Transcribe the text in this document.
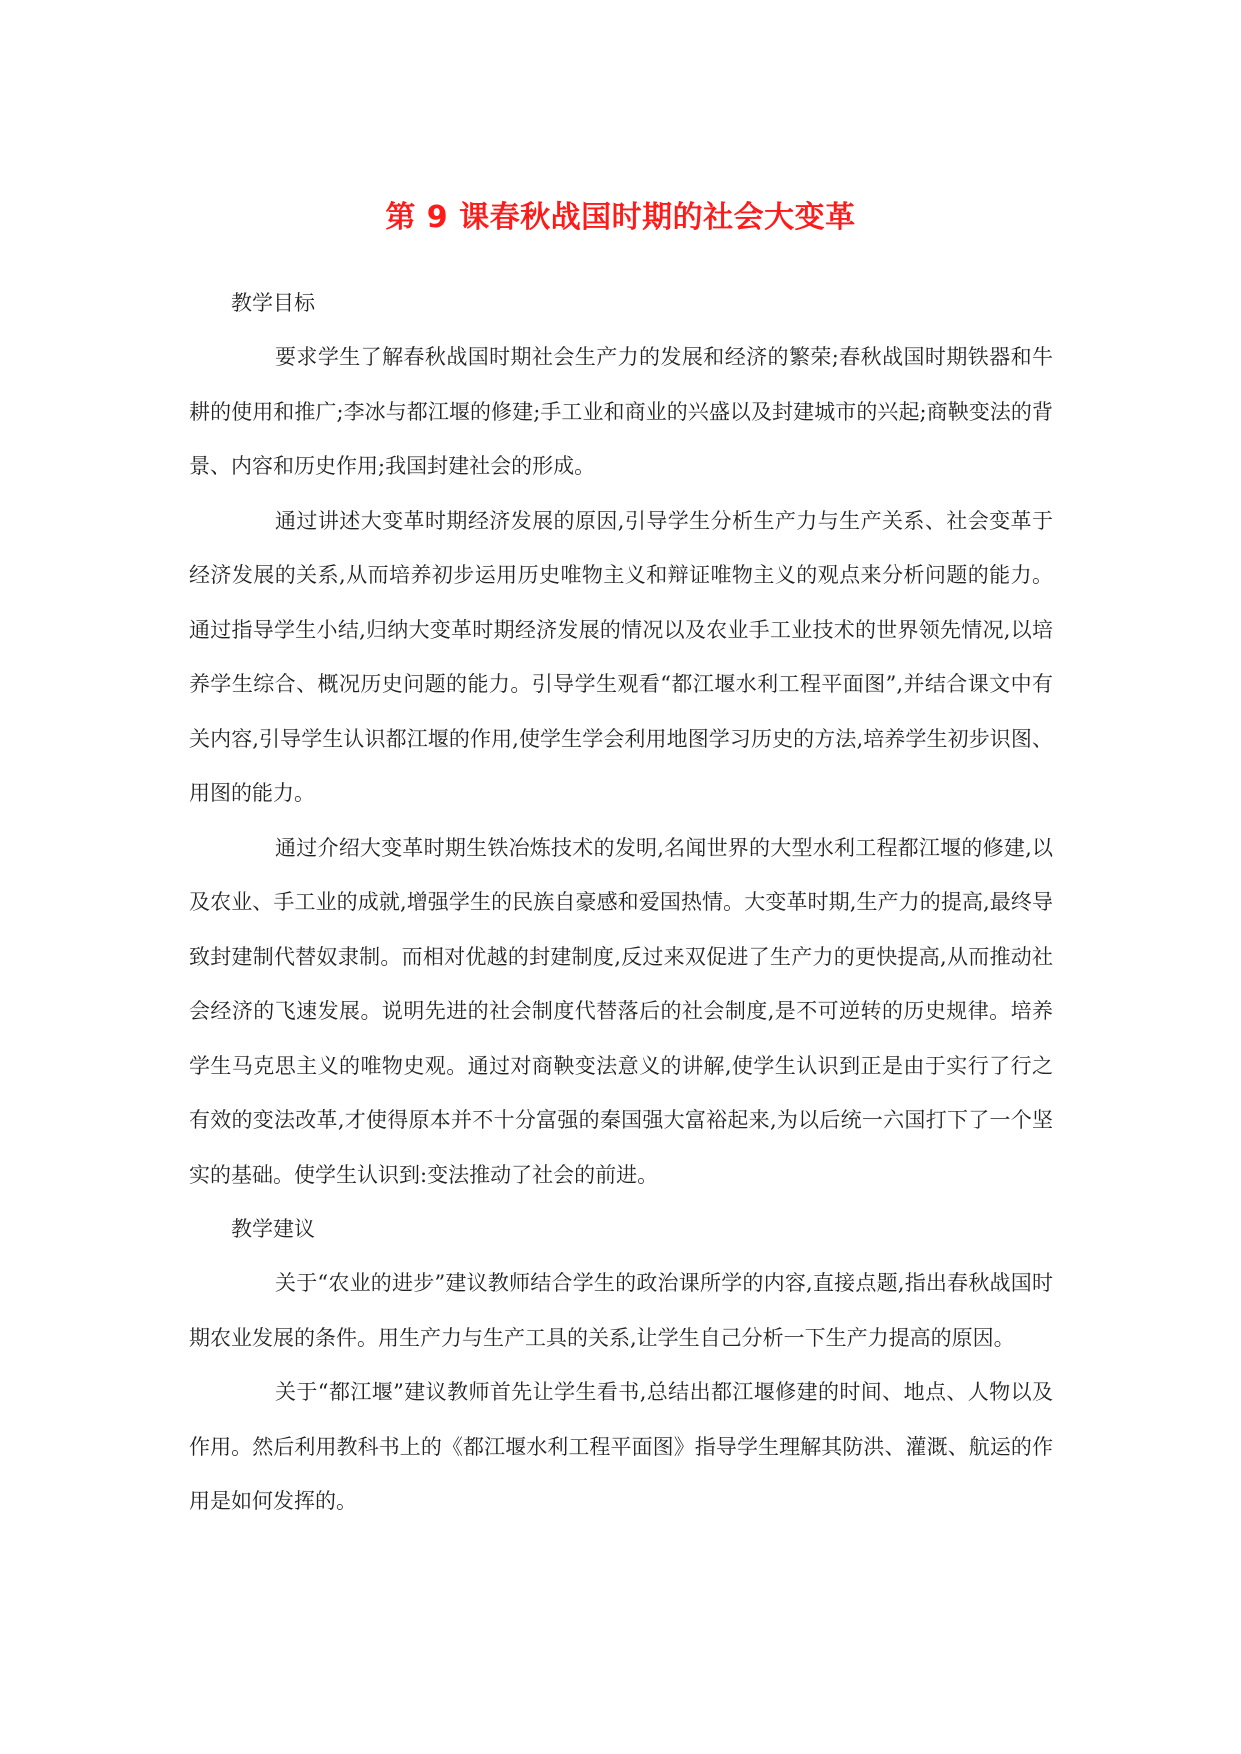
第 9 课春秋战国时期的社会大变革

教学目标

要求学生了解春秋战国时期社会生产力的发展和经济的繁荣;春秋战国时期铁器和牛耕的使用和推广;李冰与都江堰的修建;手工业和商业的兴盛以及封建城市的兴起;商鞅变法的背景、内容和历史作用;我国封建社会的形成。

通过讲述大变革时期经济发展的原因,引导学生分析生产力与生产关系、社会变革于经济发展的关系,从而培养初步运用历史唯物主义和辩证唯物主义的观点来分析问题的能力。通过指导学生小结,归纳大变革时期经济发展的情况以及农业手工业技术的世界领先情况,以培养学生综合、概况历史问题的能力。引导学生观看“都江堰水利工程平面图”,并结合课文中有关内容,引导学生认识都江堰的作用,使学生学会利用地图学习历史的方法,培养学生初步识图、用图的能力。

通过介绍大变革时期生铁冶炼技术的发明,名闻世界的大型水利工程都江堰的修建,以及农业、手工业的成就,增强学生的民族自豪感和爱国热情。大变革时期,生产力的提高,最终导致封建制代替奴隶制。而相对优越的封建制度,反过来双促进了生产力的更快提高,从而推动社会经济的飞速发展。说明先进的社会制度代替落后的社会制度,是不可逆转的历史规律。培养学生马克思主义的唯物史观。通过对商鞅变法意义的讲解,使学生认识到正是由于实行了行之有效的变法改革,才使得原本并不十分富强的秦国强大富裕起来,为以后统一六国打下了一个坚实的基础。使学生认识到:变法推动了社会的前进。

教学建议

关于“农业的进步”建议教师结合学生的政治课所学的内容,直接点题,指出春秋战国时期农业发展的条件。用生产力与生产工具的关系,让学生自己分析一下生产力提高的原因。

关于“都江堰”建议教师首先让学生看书,总结出都江堰修建的时间、地点、人物以及作用。然后利用教科书上的《都江堰水利工程平面图》指导学生理解其防洪、灌溉、航运的作用是如何发挥的。
